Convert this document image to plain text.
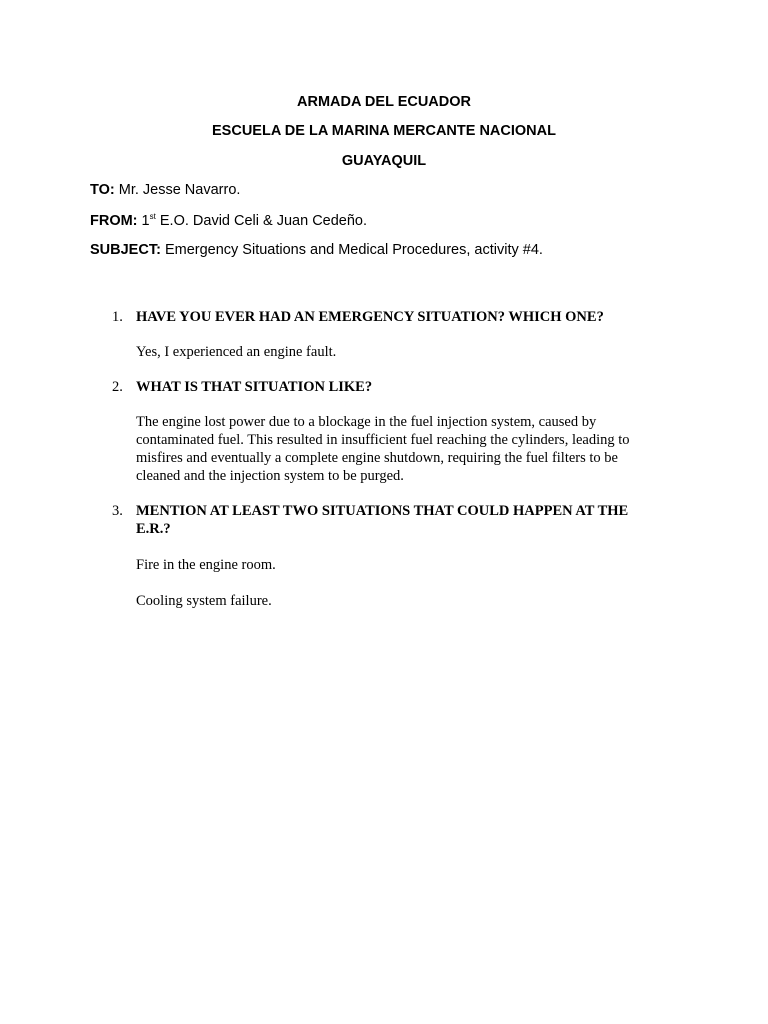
ARMADA DEL ECUADOR
ESCUELA DE LA MARINA MERCANTE NACIONAL
GUAYAQUIL
TO: Mr. Jesse Navarro.
FROM: 1st E.O. David Celi & Juan Cedeño.
SUBJECT: Emergency Situations and Medical Procedures, activity #4.
1. HAVE YOU EVER HAD AN EMERGENCY SITUATION? WHICH ONE?
Yes, I experienced an engine fault.
2. WHAT IS THAT SITUATION LIKE?
The engine lost power due to a blockage in the fuel injection system, caused by contaminated fuel. This resulted in insufficient fuel reaching the cylinders, leading to misfires and eventually a complete engine shutdown, requiring the fuel filters to be cleaned and the injection system to be purged.
3. MENTION AT LEAST TWO SITUATIONS THAT COULD HAPPEN AT THE E.R.?
Fire in the engine room.
Cooling system failure.
